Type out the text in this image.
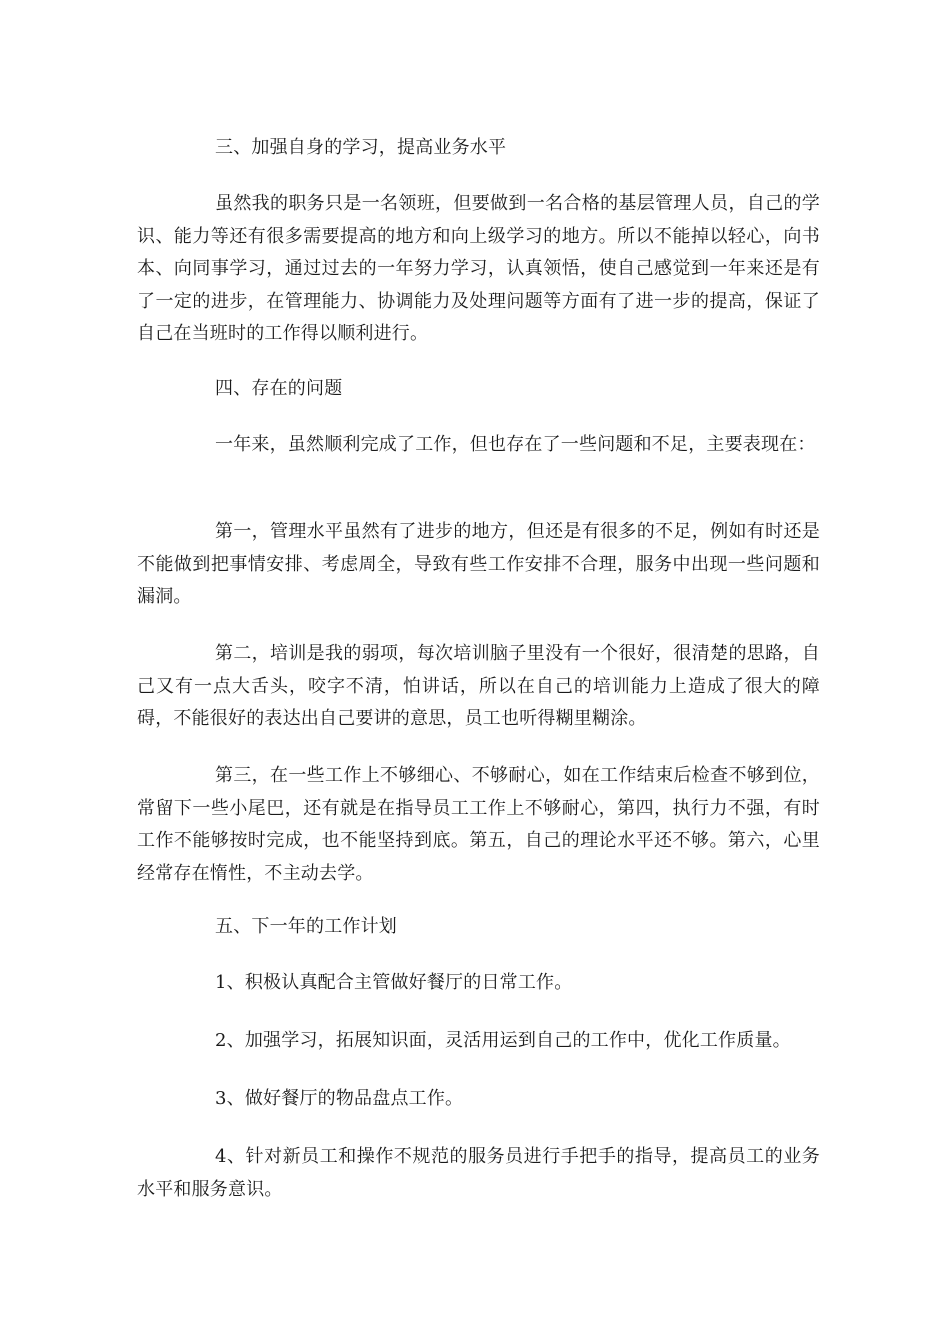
三、加强自身的学习，提高业务水平

虽然我的职务只是一名领班，但要做到一名合格的基层管理人员，自己的学识、能力等还有很多需要提高的地方和向上级学习的地方。所以不能掉以轻心，向书本、向同事学习，通过过去的一年努力学习，认真领悟，使自己感觉到一年来还是有了一定的进步，在管理能力、协调能力及处理问题等方面有了进一步的提高，保证了自己在当班时的工作得以顺利进行。

四、存在的问题

一年来，虽然顺利完成了工作，但也存在了一些问题和不足，主要表现在：

第一，管理水平虽然有了进步的地方，但还是有很多的不足，例如有时还是不能做到把事情安排、考虑周全，导致有些工作安排不合理，服务中出现一些问题和漏洞。

第二，培训是我的弱项，每次培训脑子里没有一个很好，很清楚的思路，自己又有一点大舌头，咬字不清，怕讲话，所以在自己的培训能力上造成了很大的障碍，不能很好的表达出自己要讲的意思，员工也听得糊里糊涂。

第三，在一些工作上不够细心、不够耐心，如在工作结束后检查不够到位，常留下一些小尾巴，还有就是在指导员工工作上不够耐心，第四，执行力不强，有时工作不能够按时完成，也不能坚持到底。第五，自己的理论水平还不够。第六，心里经常存在惰性，不主动去学。

五、下一年的工作计划

1、积极认真配合主管做好餐厅的日常工作。

2、加强学习，拓展知识面，灵活用运到自己的工作中，优化工作质量。

3、做好餐厅的物品盘点工作。

4、针对新员工和操作不规范的服务员进行手把手的指导，提高员工的业务水平和服务意识。
